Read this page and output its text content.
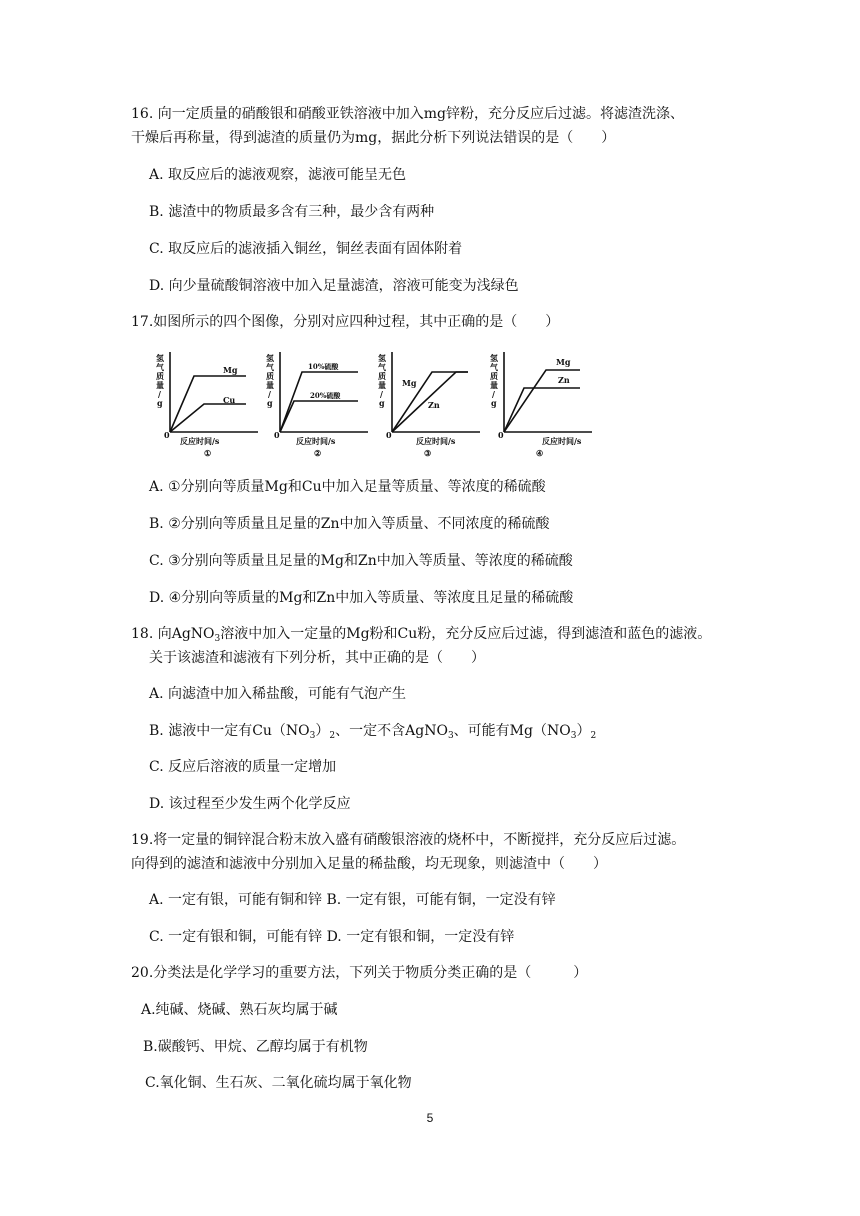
16. 向一定质量的硝酸银和硝酸亚铁溶液中加入mg锌粉，充分反应后过滤。将滤渣洗涤、
干燥后再称量，得到滤渣的质量仍为mg，据此分析下列说法错误的是（　　）
A. 取反应后的滤液观察，滤液可能呈无色
B. 滤渣中的物质最多含有三种，最少含有两种
C. 取反应后的滤液插入铜丝，铜丝表面有固体附着
D. 向少量硫酸铜溶液中加入足量滤渣，溶液可能变为浅绿色
17.如图所示的四个图像，分别对应四种过程，其中正确的是（　　）
氢
气
质
量
/
g
0
反应时间/s
①
Mg
Cu
氢
气
质
量
/
g
0
反应时间/s
②
10%硫酸
20%硫酸
氢
气
质
量
/
g
0
反应时间/s
③
Mg
Zn
氢
气
质
量
/
g
0
反应时间/s
④
Mg
Zn
A. ①分别向等质量Mg和Cu中加入足量等质量、等浓度的稀硫酸
B. ②分别向等质量且足量的Zn中加入等质量、不同浓度的稀硫酸
C. ③分别向等质量且足量的Mg和Zn中加入等质量、等浓度的稀硫酸
D. ④分别向等质量的Mg和Zn中加入等质量、等浓度且足量的稀硫酸
18. 向AgNO$_3$溶液中加入一定量的Mg粉和Cu粉，充分反应后过滤，得到滤渣和蓝色的滤液。
关于该滤渣和滤液有下列分析，其中正确的是（　　）
A. 向滤渣中加入稀盐酸，可能有气泡产生
B. 滤液中一定有$Cu(NO_3)_2$、一定不含AgNO$_3$、可能有$Mg(NO_3)_2$
C. 反应后溶液的质量一定增加
D. 该过程至少发生两个化学反应
19.将一定量的铜锌混合粉末放入盛有硝酸银溶液的烧杯中，不断搅拌，充分反应后过滤。
向得到的滤渣和滤液中分别加入足量的稀盐酸，均无现象，则滤渣中（　　）
A. 一定有银，可能有铜和锌 B. 一定有银，可能有铜，一定没有锌
C. 一定有银和铜，可能有锌 D. 一定有银和铜，一定没有锌
20.分类法是化学学习的重要方法，下列关于物质分类正确的是（　　　）
A.纯碱、烧碱、熟石灰均属于碱
B.碳酸钙、甲烷、乙醇均属于有机物
C.氧化铜、生石灰、二氧化硫均属于氧化物
5
